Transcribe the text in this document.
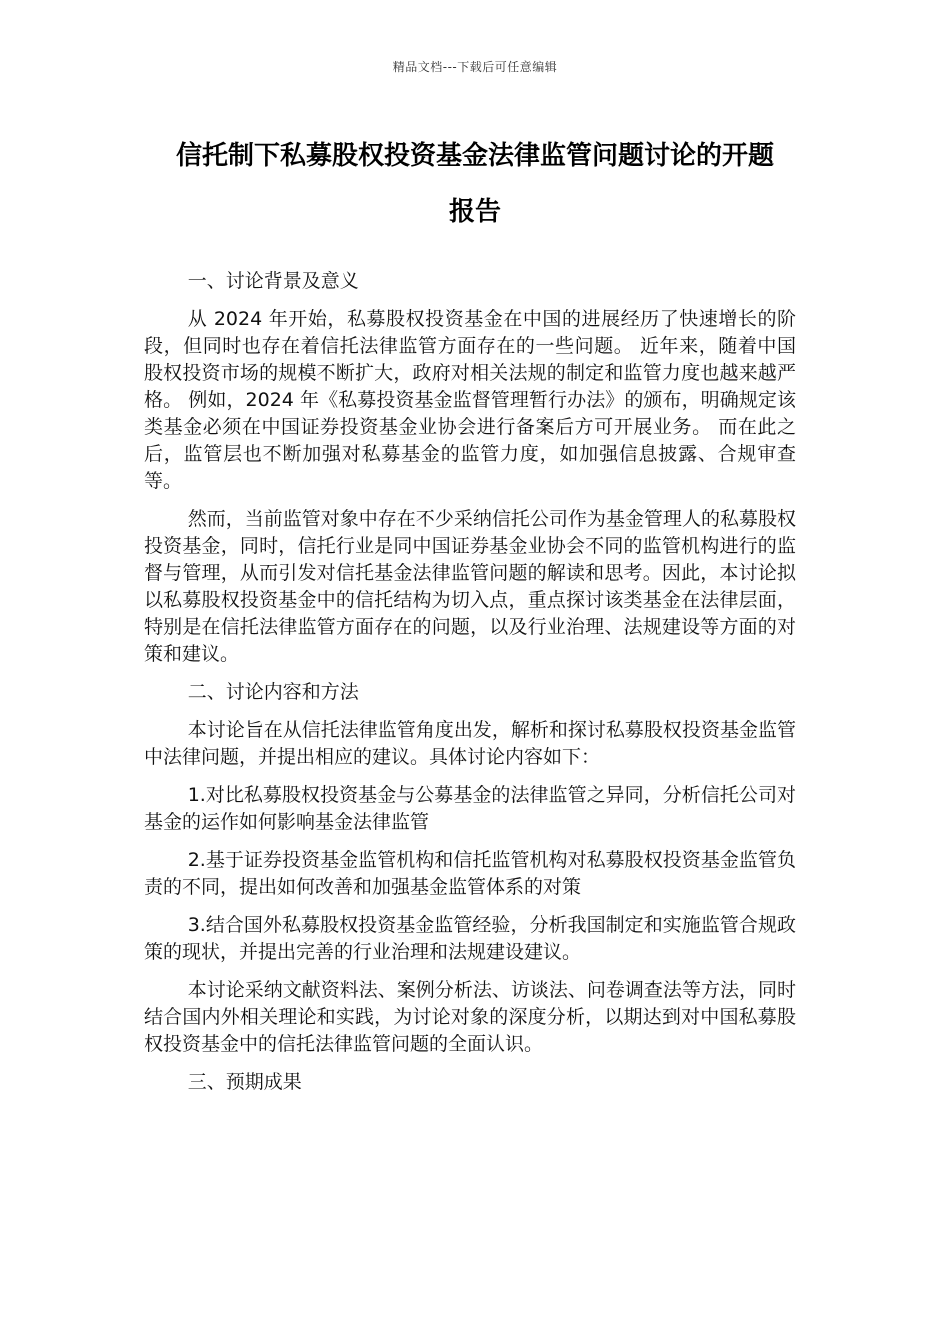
精品文档---下载后可任意编辑
信托制下私募股权投资基金法律监管问题讨论的开题
报告

一、讨论背景及意义

从 2024 年开始，私募股权投资基金在中国的进展经历了快速增长的阶段，但同时也存在着信托法律监管方面存在的一些问题。 近年来，随着中国股权投资市场的规模不断扩大，政府对相关法规的制定和监管力度也越来越严格。 例如，2024 年《私募投资基金监督管理暂行办法》的颁布，明确规定该类基金必须在中国证券投资基金业协会进行备案后方可开展业务。 而在此之后，监管层也不断加强对私募基金的监管力度，如加强信息披露、合规审查等。

然而，当前监管对象中存在不少采纳信托公司作为基金管理人的私募股权投资基金，同时，信托行业是同中国证券基金业协会不同的监管机构进行的监督与管理，从而引发对信托基金法律监管问题的解读和思考。因此，本讨论拟以私募股权投资基金中的信托结构为切入点，重点探讨该类基金在法律层面，特别是在信托法律监管方面存在的问题，以及行业治理、法规建设等方面的对策和建议。

二、讨论内容和方法

本讨论旨在从信托法律监管角度出发，解析和探讨私募股权投资基金监管中法律问题，并提出相应的建议。具体讨论内容如下：

1.对比私募股权投资基金与公募基金的法律监管之异同，分析信托公司对基金的运作如何影响基金法律监管

2.基于证券投资基金监管机构和信托监管机构对私募股权投资基金监管负责的不同，提出如何改善和加强基金监管体系的对策

3.结合国外私募股权投资基金监管经验，分析我国制定和实施监管合规政策的现状，并提出完善的行业治理和法规建设建议。

本讨论采纳文献资料法、案例分析法、访谈法、问卷调查法等方法，同时结合国内外相关理论和实践，为讨论对象的深度分析，以期达到对中国私募股权投资基金中的信托法律监管问题的全面认识。

三、预期成果
